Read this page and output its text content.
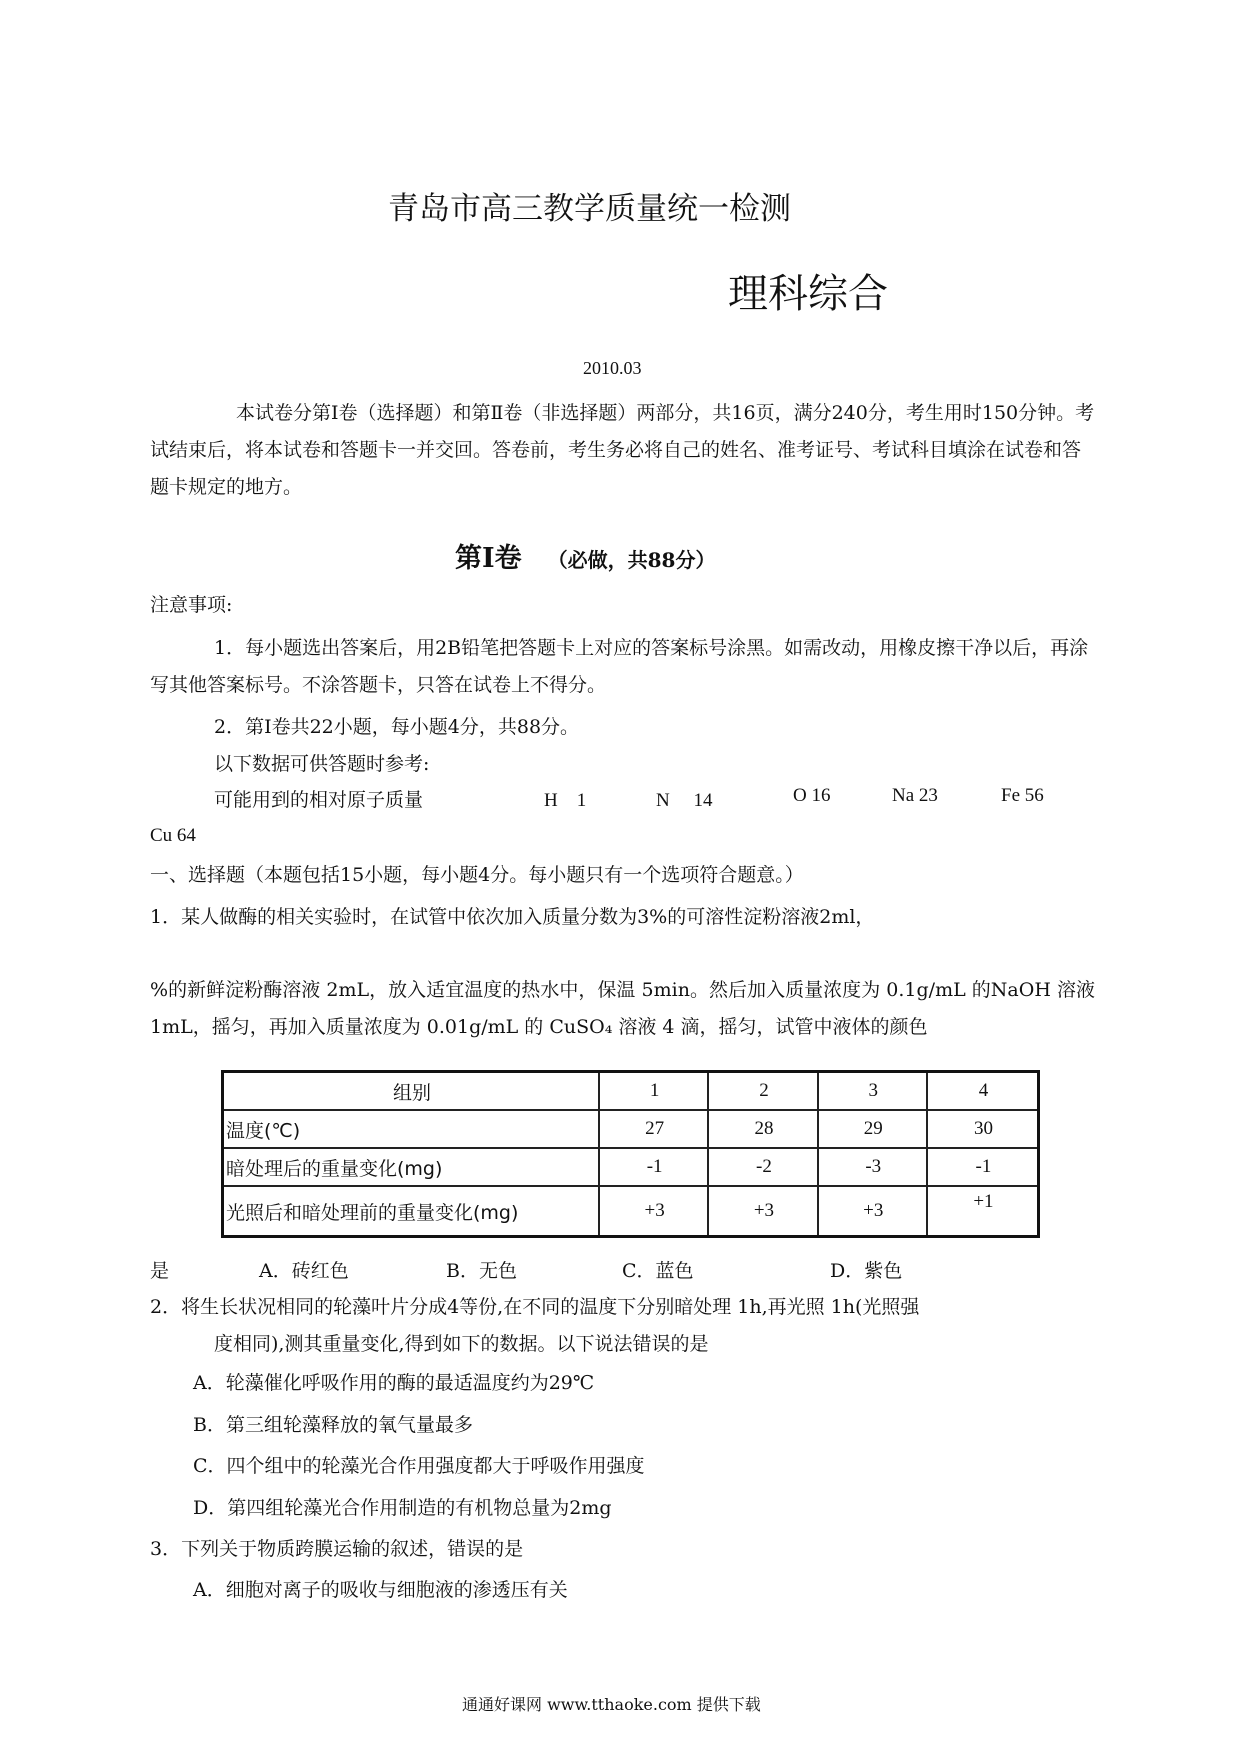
青岛市高三教学质量统一检测
理科综合
2010.03
本试卷分第Ⅰ卷（选择题）和第Ⅱ卷（非选择题）两部分，共16页，满分240分，考生用时150分钟。考试结束后，将本试卷和答题卡一并交回。答卷前，考生务必将自己的姓名、准考证号、考试科目填涂在试卷和答题卡规定的地方。
第Ⅰ卷 （必做，共88分）
注意事项:
1．每小题选出答案后，用2B铅笔把答题卡上对应的答案标号涂黑。如需改动，用橡皮擦干净以后，再涂写其他答案标号。不涂答题卡，只答在试卷上不得分。
2．第Ⅰ卷共22小题，每小题4分，共88分。
以下数据可供答题时参考:
可能用到的相对原子质量	H　1	N　 14	O 16	Na 23	Fe 56
Cu 64
一、选择题（本题包括15小题，每小题4分。每小题只有一个选项符合题意。）
1．某人做酶的相关实验时，在试管中依次加入质量分数为3%的可溶性淀粉溶液2ml，
%的新鲜淀粉酶溶液 2mL，放入适宜温度的热水中，保温 5min。然后加入质量浓度为 0.1g/mL 的NaOH 溶液 1mL，摇匀，再加入质量浓度为 0.01g/mL 的 CuSO₄ 溶液 4 滴，摇匀，试管中液体的颜色
组别	1	2	3	4
温度(℃)	27	28	29	30
暗处理后的重量变化(mg)	-1	-2	-3	-1
光照后和暗处理前的重量变化(mg)	+3	+3	+3	+1
是	A．砖红色	B．无色	C．蓝色	D．紫色
2．将生长状况相同的轮藻叶片分成4等份,在不同的温度下分别暗处理 1h,再光照 1h(光照强
度相同),测其重量变化,得到如下的数据。以下说法错误的是
A．轮藻催化呼吸作用的酶的最适温度约为29℃
B．第三组轮藻释放的氧气量最多
C．四个组中的轮藻光合作用强度都大于呼吸作用强度
D．第四组轮藻光合作用制造的有机物总量为2mg
3．下列关于物质跨膜运输的叙述，错误的是
A．细胞对离子的吸收与细胞液的渗透压有关
通通好课网 www.tthaoke.com 提供下载
